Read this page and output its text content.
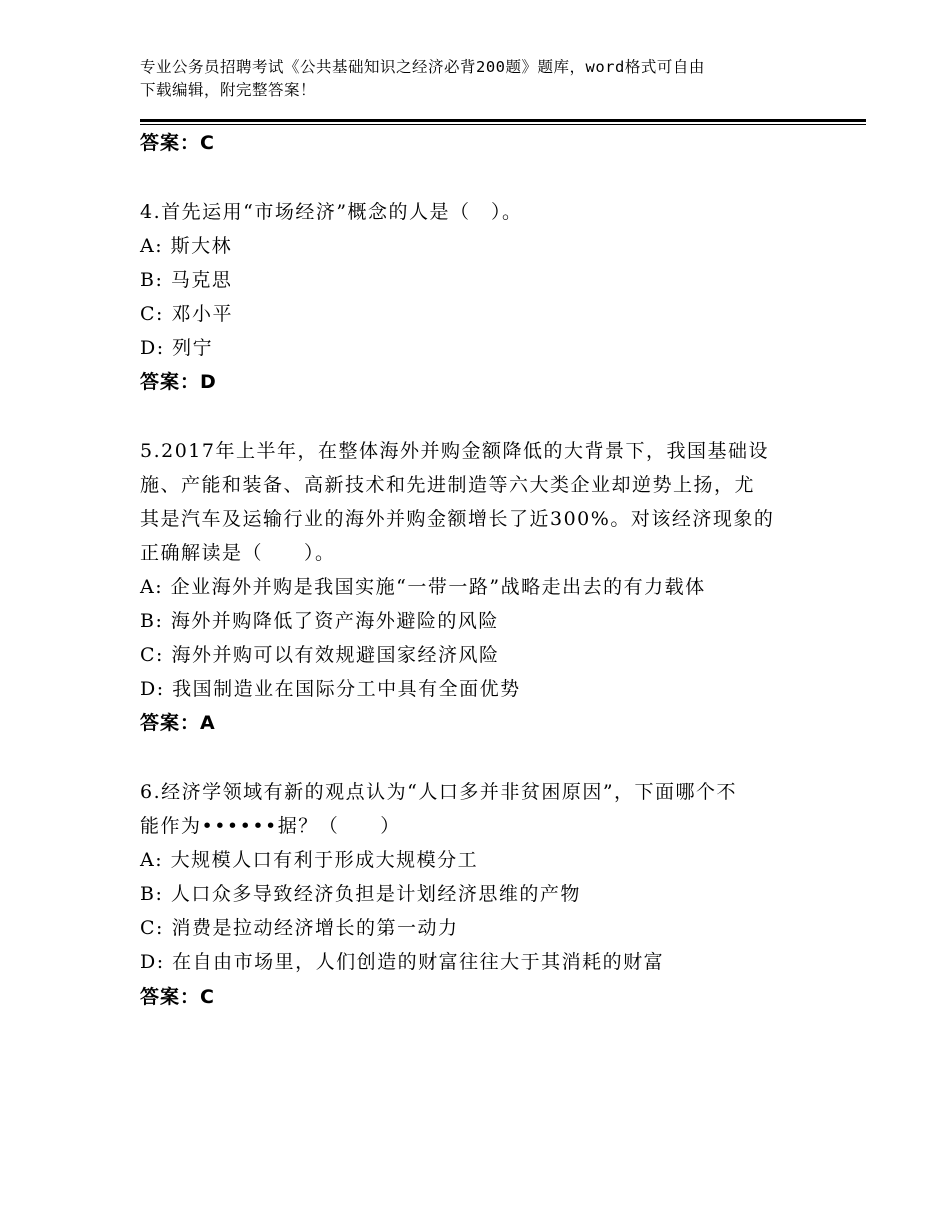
专业公务员招聘考试《公共基础知识之经济必背200题》题库，word格式可自由
下载编辑，附完整答案！
答案：C
4.首先运用“市场经济”概念的人是（　）。
A: 斯大林
B: 马克思
C: 邓小平
D: 列宁
答案：D
5.2017年上半年，在整体海外并购金额降低的大背景下，我国基础设
施、产能和装备、高新技术和先进制造等六大类企业却逆势上扬，尤
其是汽车及运输行业的海外并购金额增长了近300%。对该经济现象的
正确解读是（　　）。
A: 企业海外并购是我国实施“一带一路”战略走出去的有力载体
B: 海外并购降低了资产海外避险的风险
C: 海外并购可以有效规避国家经济风险
D: 我国制造业在国际分工中具有全面优势
答案：A
6.经济学领域有新的观点认为“人口多并非贫困原因”，下面哪个不
能作为••••••据？（　　）
A: 大规模人口有利于形成大规模分工
B: 人口众多导致经济负担是计划经济思维的产物
C: 消费是拉动经济增长的第一动力
D: 在自由市场里，人们创造的财富往往大于其消耗的财富
答案：C
